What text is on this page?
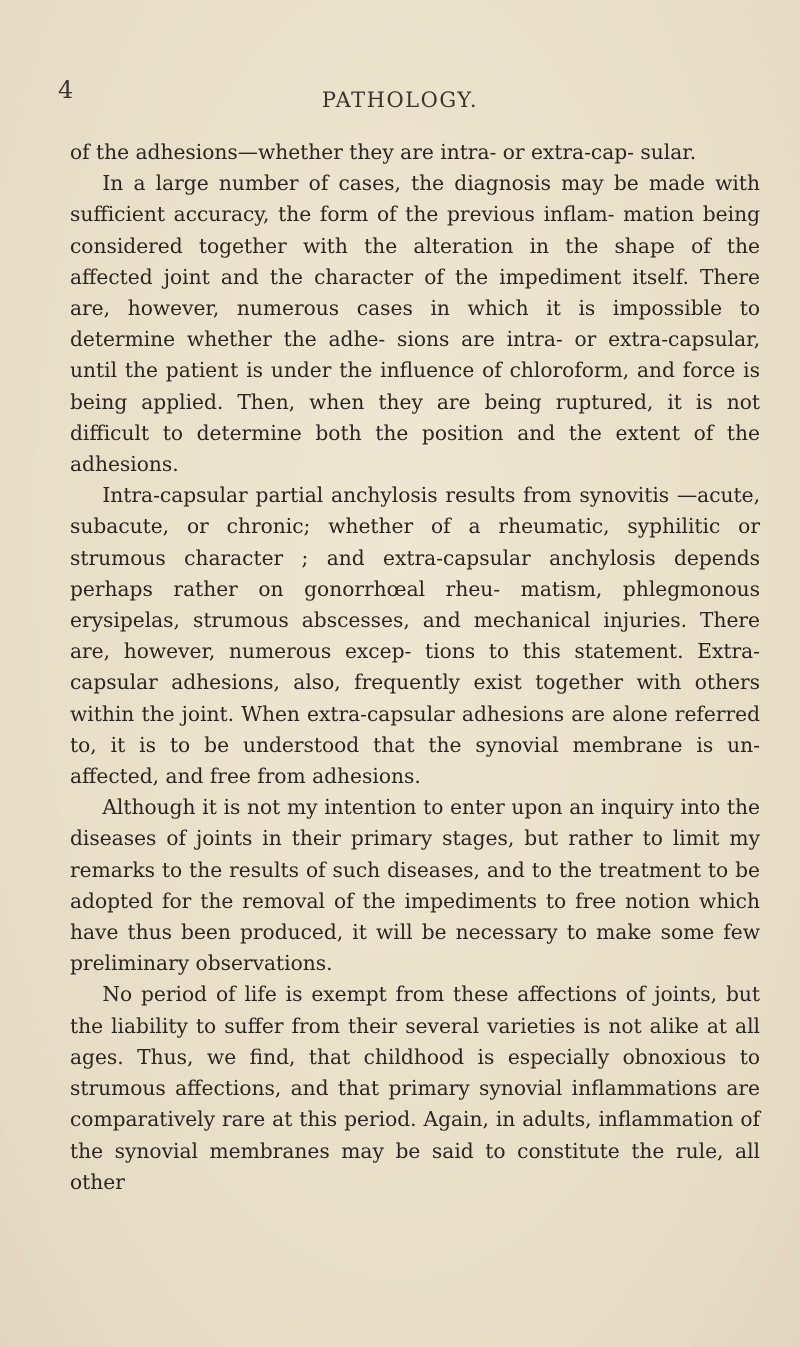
4	PATHOLOGY.

of the adhesions—whether they are intra- or extra-cap- sular.

In a large number of cases, the diagnosis may be made with sufficient accuracy, the form of the previous inflam- mation being considered together with the alteration in the shape of the affected joint and the character of the impediment itself. There are, however, numerous cases in which it is impossible to determine whether the adhe- sions are intra- or extra-capsular, until the patient is under the influence of chloroform, and force is being applied. Then, when they are being ruptured, it is not difficult to determine both the position and the extent of the adhesions.

Intra-capsular partial anchylosis results from synovitis —acute, subacute, or chronic; whether of a rheumatic, syphilitic or strumous character ; and extra-capsular anchylosis depends perhaps rather on gonorrhœal rheu- matism, phlegmonous erysipelas, strumous abscesses, and mechanical injuries. There are, however, numerous excep- tions to this statement. Extra-capsular adhesions, also, frequently exist together with others within the joint. When extra-capsular adhesions are alone referred to, it is to be understood that the synovial membrane is un- affected, and free from adhesions.

Although it is not my intention to enter upon an inquiry into the diseases of joints in their primary stages, but rather to limit my remarks to the results of such diseases, and to the treatment to be adopted for the removal of the impediments to free notion which have thus been produced, it will be necessary to make some few preliminary observations.

No period of life is exempt from these affections of joints, but the liability to suffer from their several varieties is not alike at all ages. Thus, we find, that childhood is especially obnoxious to strumous affections, and that primary synovial inflammations are comparatively rare at this period. Again, in adults, inflammation of the synovial membranes may be said to constitute the rule, all other
